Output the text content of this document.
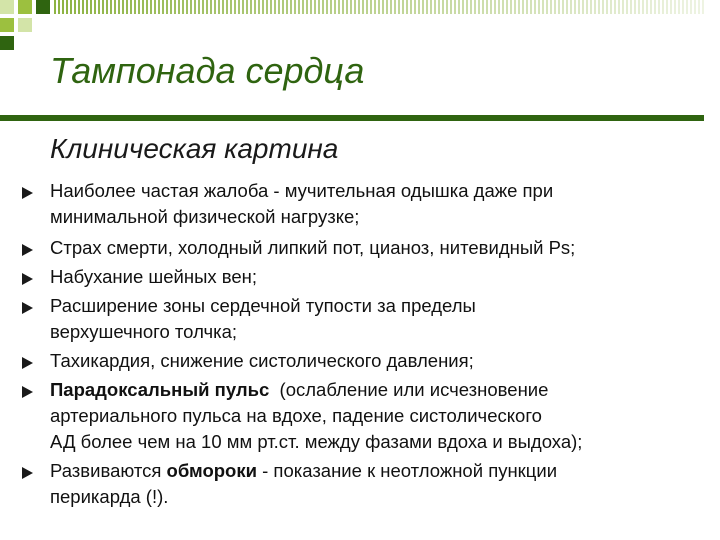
Тампонада сердца
Клиническая картина
Наиболее частая жалоба - мучительная одышка даже при
минимальной физической нагрузке;
Страх смерти, холодный липкий пот, цианоз, нитевидный Ps;
Набухание шейных вен;
Расширение зоны сердечной тупости за пределы
верхушечного толчка;
Тахикардия, снижение систолического давления;
Парадоксальный пульс  (ослабление или исчезновение
артериального пульса на вдохе, падение систолического
АД более чем на 10 мм рт.ст. между фазами вдоха и выдоха);
Развиваются обмороки - показание к неотложной пункции
перикарда (!).
